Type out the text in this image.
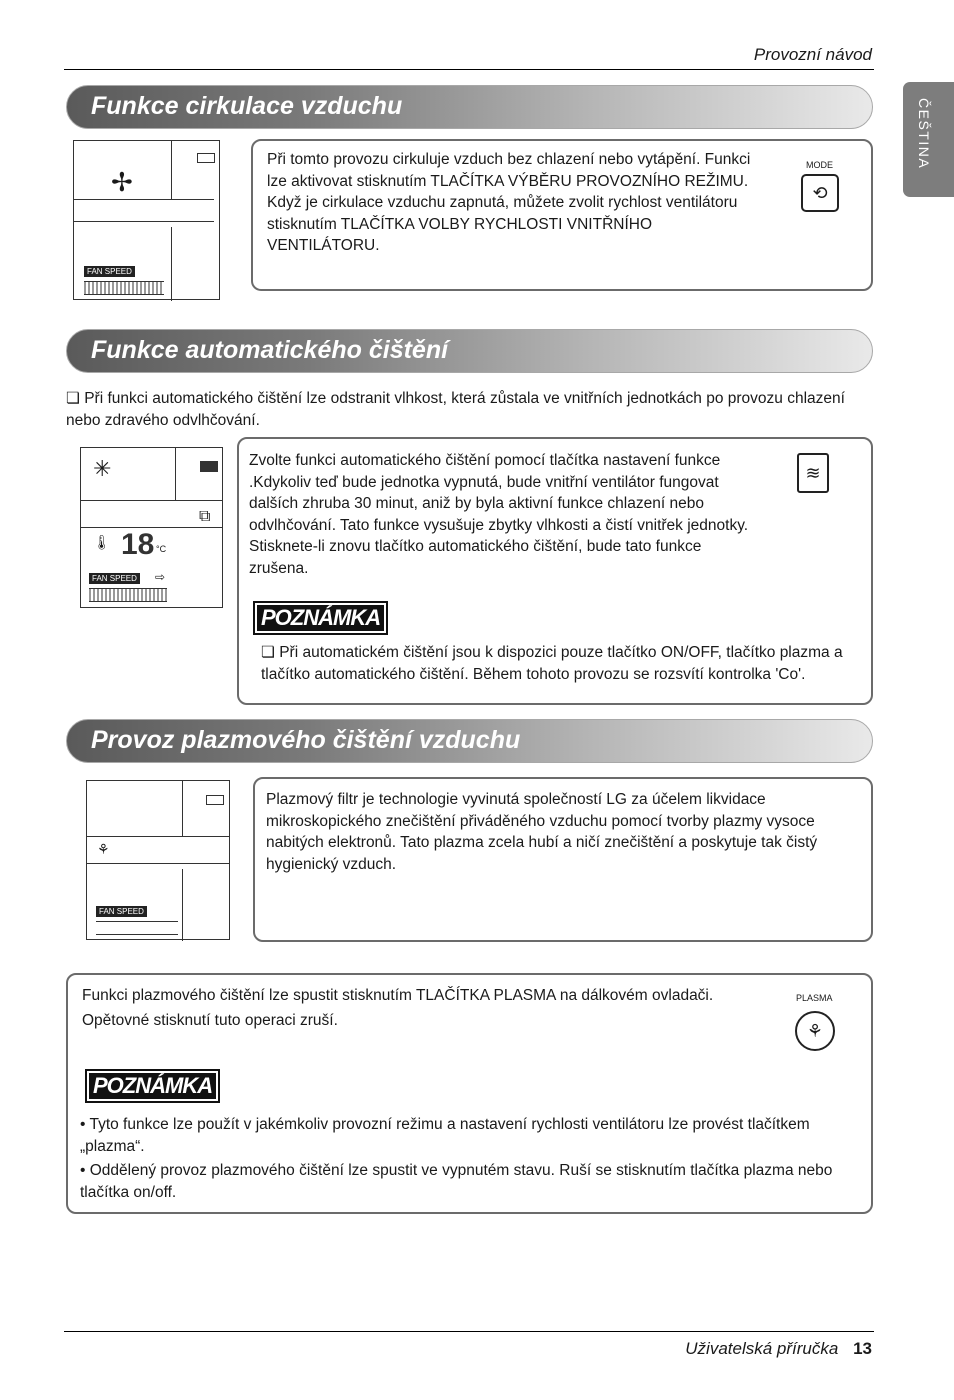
Provozní návod
ČEŠTINA
Funkce cirkulace vzduchu
✢
FAN SPEED
Při tomto provozu cirkuluje vzduch bez chlazení nebo vytápění. Funkci lze aktivovat stisknutím TLAČÍTKA VÝBĚRU PROVOZNÍHO REŽIMU. Když je cirkulace vzduchu zapnutá, můžete zvolit rychlost ventilátoru stisknutím TLAČÍTKA VOLBY RYCHLOSTI VNITŘNÍHO VENTILÁTORU.
MODE
⟲
Funkce automatického čištění
❏ Při funkci automatického čištění lze odstranit vlhkost, která zůstala ve vnitřních jednotkách po provozu chlazení nebo zdravého odvlhčování.
✳
⧉
🌡 18 °C
FAN SPEED ⇨
Zvolte funkci automatického čištění pomocí tlačítka nastavení funkce .Kdykoliv teď bude jednotka vypnutá, bude vnitřní ventilátor fungovat dalších zhruba 30 minut, aniž by byla aktivní funkce chlazení nebo odvlhčování. Tato funkce vysušuje zbytky vlhkosti a čistí vnitřek jednotky. Stisknete-li znovu tlačítko automatického čištění, bude tato funkce zrušena.
≋
POZNÁMKA
❏ Při automatickém čištění jsou k dispozici pouze tlačítko ON/OFF, tlačítko plazma a tlačítko automatického čištění. Během tohoto provozu se rozsvítí kontrolka 'Co'.
Provoz plazmového čištění vzduchu
⚘
FAN SPEED
Plazmový filtr je technologie vyvinutá společností LG za účelem likvidace mikroskopického znečištění přiváděného vzduchu pomocí tvorby plazmy vysoce nabitých elektronů. Tato plazma zcela hubí a ničí znečištění a poskytuje tak čistý hygienický vzduch.
Funkci plazmového čištění lze spustit stisknutím TLAČÍTKA PLASMA na dálkovém ovladači.
Opětovné stisknutí tuto operaci zruší.
PLASMA
⚘
POZNÁMKA
• Tyto funkce lze použít v jakémkoliv provozní režimu a nastavení rychlosti ventilátoru lze provést tlačítkem „plazma“.
• Oddělený provoz plazmového čištění lze spustit ve vypnutém stavu. Ruší se stisknutím tlačítka plazma nebo tlačítka on/off.
Uživatelská příručka 13
